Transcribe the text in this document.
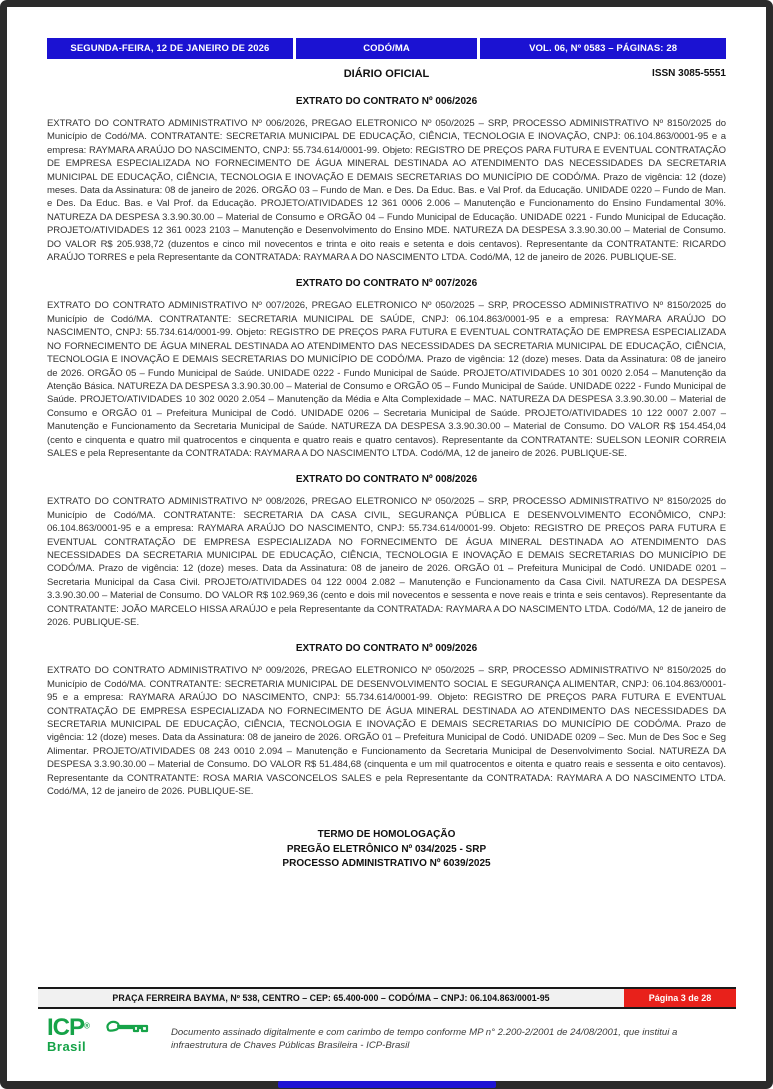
SEGUNDA-FEIRA, 12 DE JANEIRO DE 2026	CODÓ/MA	VOL. 06, Nº 0583 – PÁGINAS: 28
DIÁRIO OFICIAL	ISSN 3085-5551
EXTRATO DO CONTRATO Nº 006/2026
EXTRATO DO CONTRATO ADMINISTRATIVO Nº 006/2026, PREGAO ELETRONICO Nº 050/2025 – SRP, PROCESSO ADMINISTRATIVO Nº 8150/2025 do Município de Codó/MA. CONTRATANTE: SECRETARIA MUNICIPAL DE EDUCAÇÃO, CIÊNCIA, TECNOLOGIA E INOVAÇÃO, CNPJ: 06.104.863/0001-95 e a empresa: RAYMARA ARAÚJO DO NASCIMENTO, CNPJ: 55.734.614/0001-99. Objeto: REGISTRO DE PREÇOS PARA FUTURA E EVENTUAL CONTRATAÇÃO DE EMPRESA ESPECIALIZADA NO FORNECIMENTO DE ÁGUA MINERAL DESTINADA AO ATENDIMENTO DAS NECESSIDADES DA SECRETARIA MUNICIPAL DE EDUCAÇÃO, CIÊNCIA, TECNOLOGIA E INOVAÇÃO E DEMAIS SECRETARIAS DO MUNICÍPIO DE CODÓ/MA. Prazo de vigência: 12 (doze) meses. Data da Assinatura: 08 de janeiro de 2026. ORGÃO 03 – Fundo de Man. e Des. Da Educ. Bas. e Val Prof. da Educação. UNIDADE 0220 – Fundo de Man. e Des. Da Educ. Bas. e Val Prof. da Educação. PROJETO/ATIVIDADES 12 361 0006 2.006 – Manutenção e Funcionamento do Ensino Fundamental 30%. NATUREZA DA DESPESA 3.3.90.30.00 – Material de Consumo e ORGÃO 04 – Fundo Municipal de Educação. UNIDADE 0221 - Fundo Municipal de Educação. PROJETO/ATIVIDADES 12 361 0023 2103 – Manutenção e Desenvolvimento do Ensino MDE. NATUREZA DA DESPESA 3.3.90.30.00 – Material de Consumo. DO VALOR R$ 205.938,72 (duzentos e cinco mil novecentos e trinta e oito reais e setenta e dois centavos). Representante da CONTRATANTE: RICARDO ARAÚJO TORRES e pela Representante da CONTRATADA: RAYMARA A DO NASCIMENTO LTDA. Codó/MA, 12 de janeiro de 2026. PUBLIQUE-SE.
EXTRATO DO CONTRATO Nº 007/2026
EXTRATO DO CONTRATO ADMINISTRATIVO Nº 007/2026, PREGAO ELETRONICO Nº 050/2025 – SRP, PROCESSO ADMINISTRATIVO Nº 8150/2025 do Município de Codó/MA. CONTRATANTE: SECRETARIA MUNICIPAL DE SAÚDE, CNPJ: 06.104.863/0001-95 e a empresa: RAYMARA ARAÚJO DO NASCIMENTO, CNPJ: 55.734.614/0001-99. Objeto: REGISTRO DE PREÇOS PARA FUTURA E EVENTUAL CONTRATAÇÃO DE EMPRESA ESPECIALIZADA NO FORNECIMENTO DE ÁGUA MINERAL DESTINADA AO ATENDIMENTO DAS NECESSIDADES DA SECRETARIA MUNICIPAL DE EDUCAÇÃO, CIÊNCIA, TECNOLOGIA E INOVAÇÃO E DEMAIS SECRETARIAS DO MUNICÍPIO DE CODÓ/MA. Prazo de vigência: 12 (doze) meses. Data da Assinatura: 08 de janeiro de 2026. ORGÃO 05 – Fundo Municipal de Saúde. UNIDADE 0222 - Fundo Municipal de Saúde. PROJETO/ATIVIDADES 10 301 0020 2.054 – Manutenção da Atenção Básica. NATUREZA DA DESPESA 3.3.90.30.00 – Material de Consumo e ORGÃO 05 – Fundo Municipal de Saúde. UNIDADE 0222 - Fundo Municipal de Saúde. PROJETO/ATIVIDADES 10 302 0020 2.054 – Manutenção da Média e Alta Complexidade – MAC. NATUREZA DA DESPESA 3.3.90.30.00 – Material de Consumo e ORGÃO 01 – Prefeitura Municipal de Codó. UNIDADE 0206 – Secretaria Municipal de Saúde. PROJETO/ATIVIDADES 10 122 0007 2.007 – Manutenção e Funcionamento da Secretaria Municipal de Saúde. NATUREZA DA DESPESA 3.3.90.30.00 – Material de Consumo. DO VALOR R$ 154.454,04 (cento e cinquenta e quatro mil quatrocentos e cinquenta e quatro reais e quatro centavos). Representante da CONTRATANTE: SUELSON LEONIR CORREIA SALES e pela Representante da CONTRATADA: RAYMARA A DO NASCIMENTO LTDA. Codó/MA, 12 de janeiro de 2026. PUBLIQUE-SE.
EXTRATO DO CONTRATO Nº 008/2026
EXTRATO DO CONTRATO ADMINISTRATIVO Nº 008/2026, PREGAO ELETRONICO Nº 050/2025 – SRP, PROCESSO ADMINISTRATIVO Nº 8150/2025 do Município de Codó/MA. CONTRATANTE: SECRETARIA DA CASA CIVIL, SEGURANÇA PÚBLICA E DESENVOLVIMENTO ECONÔMICO, CNPJ: 06.104.863/0001-95 e a empresa: RAYMARA ARAÚJO DO NASCIMENTO, CNPJ: 55.734.614/0001-99. Objeto: REGISTRO DE PREÇOS PARA FUTURA E EVENTUAL CONTRATAÇÃO DE EMPRESA ESPECIALIZADA NO FORNECIMENTO DE ÁGUA MINERAL DESTINADA AO ATENDIMENTO DAS NECESSIDADES DA SECRETARIA MUNICIPAL DE EDUCAÇÃO, CIÊNCIA, TECNOLOGIA E INOVAÇÃO E DEMAIS SECRETARIAS DO MUNICÍPIO DE CODÓ/MA. Prazo de vigência: 12 (doze) meses. Data da Assinatura: 08 de janeiro de 2026. ORGÃO 01 – Prefeitura Municipal de Codó. UNIDADE 0201 – Secretaria Municipal da Casa Civil. PROJETO/ATIVIDADES 04 122 0004 2.082 – Manutenção e Funcionamento da Casa Civil. NATUREZA DA DESPESA 3.3.90.30.00 – Material de Consumo. DO VALOR R$ 102.969,36 (cento e dois mil novecentos e sessenta e nove reais e trinta e seis centavos). Representante da CONTRATANTE: JOÃO MARCELO HISSA ARAÚJO e pela Representante da CONTRATADA: RAYMARA A DO NASCIMENTO LTDA. Codó/MA, 12 de janeiro de 2026. PUBLIQUE-SE.
EXTRATO DO CONTRATO Nº 009/2026
EXTRATO DO CONTRATO ADMINISTRATIVO Nº 009/2026, PREGAO ELETRONICO Nº 050/2025 – SRP, PROCESSO ADMINISTRATIVO Nº 8150/2025 do Município de Codó/MA. CONTRATANTE: SECRETARIA MUNICIPAL DE DESENVOLVIMENTO SOCIAL E SEGURANÇA ALIMENTAR, CNPJ: 06.104.863/0001-95 e a empresa: RAYMARA ARAÚJO DO NASCIMENTO, CNPJ: 55.734.614/0001-99. Objeto: REGISTRO DE PREÇOS PARA FUTURA E EVENTUAL CONTRATAÇÃO DE EMPRESA ESPECIALIZADA NO FORNECIMENTO DE ÁGUA MINERAL DESTINADA AO ATENDIMENTO DAS NECESSIDADES DA SECRETARIA MUNICIPAL DE EDUCAÇÃO, CIÊNCIA, TECNOLOGIA E INOVAÇÃO E DEMAIS SECRETARIAS DO MUNICÍPIO DE CODÓ/MA. Prazo de vigência: 12 (doze) meses. Data da Assinatura: 08 de janeiro de 2026. ORGÃO 01 – Prefeitura Municipal de Codó. UNIDADE 0209 – Sec. Mun de Des Soc e Seg Alimentar. PROJETO/ATIVIDADES 08 243 0010 2.094 – Manutenção e Funcionamento da Secretaria Municipal de Desenvolvimento Social. NATUREZA DA DESPESA 3.3.90.30.00 – Material de Consumo. DO VALOR R$ 51.484,68 (cinquenta e um mil quatrocentos e oitenta e quatro reais e sessenta e oito centavos). Representante da CONTRATANTE: ROSA MARIA VASCONCELOS SALES e pela Representante da CONTRATADA: RAYMARA A DO NASCIMENTO LTDA. Codó/MA, 12 de janeiro de 2026. PUBLIQUE-SE.
TERMO DE HOMOLOGAÇÃO
PREGÃO ELETRÔNICO Nº 034/2025 - SRP
PROCESSO ADMINISTRATIVO Nº 6039/2025
PRAÇA FERREIRA BAYMA, Nº 538, CENTRO – CEP: 65.400-000 – CODÓ/MA – CNPJ: 06.104.863/0001-95	Página 3 de 28
ICP®
Brasil
Documento assinado digitalmente e com carimbo de tempo conforme MP n° 2.200-2/2001 de 24/08/2001, que institui a infraestrutura de Chaves Públicas Brasileira - ICP-Brasil
